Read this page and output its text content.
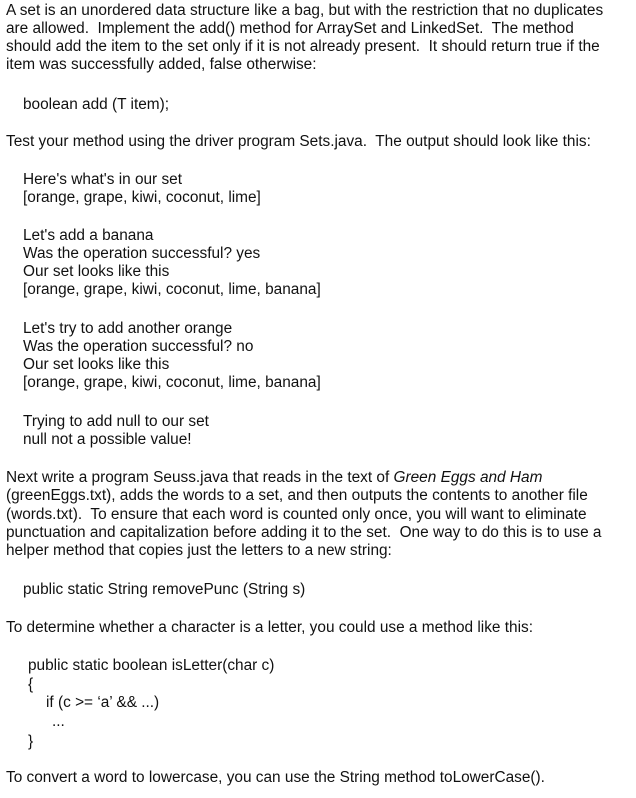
A set is an unordered data structure like a bag, but with the restriction that no duplicates

are allowed.  Implement the add() method for ArraySet and LinkedSet.  The method

should add the item to the set only if it is not already present.  It should return true if the

item was successfully added, false otherwise:

boolean add (T item);

Test your method using the driver program Sets.java.  The output should look like this:

Here's what's in our set

[orange, grape, kiwi, coconut, lime]

Let's add a banana

Was the operation successful? yes

Our set looks like this

[orange, grape, kiwi, coconut, lime, banana]

Let's try to add another orange

Was the operation successful? no

Our set looks like this

[orange, grape, kiwi, coconut, lime, banana]

Trying to add null to our set

null not a possible value!

Next write a program Seuss.java that reads in the text of Green Eggs and Ham

(greenEggs.txt), adds the words to a set, and then outputs the contents to another file

(words.txt).  To ensure that each word is counted only once, you will want to eliminate

punctuation and capitalization before adding it to the set.  One way to do this is to use a

helper method that copies just the letters to a new string:

public static String removePunc (String s)

To determine whether a character is a letter, you could use a method like this:

public static boolean isLetter(char c)

{

if (c >= ‘a’ && ...)

...

}

To convert a word to lowercase, you can use the String method toLowerCase().
